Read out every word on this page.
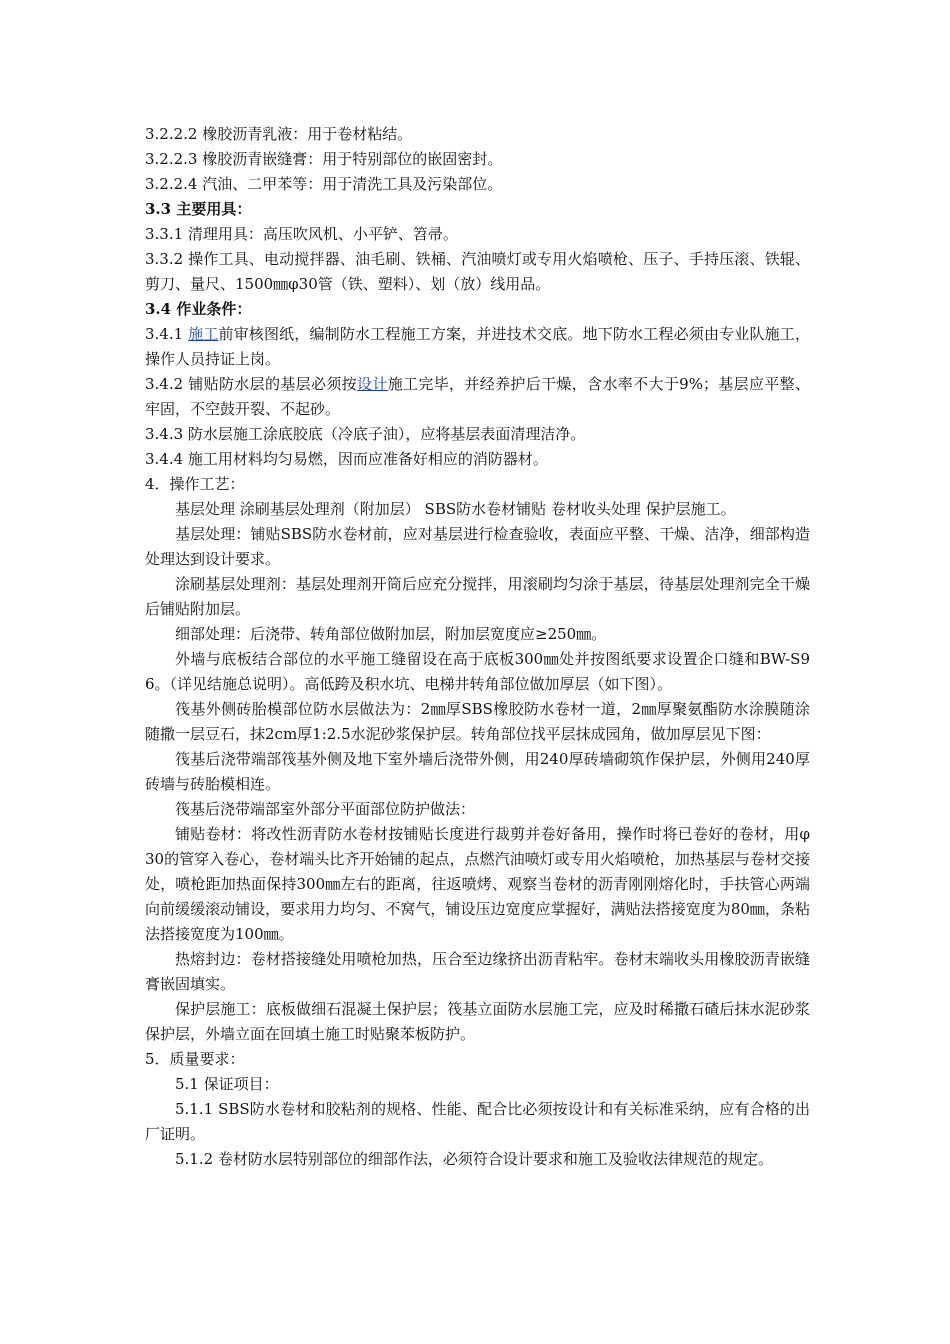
3.2.2.2 橡胶沥青乳液：用于卷材粘结。

3.2.2.3 橡胶沥青嵌缝膏：用于特别部位的嵌固密封。

3.2.2.4 汽油、二甲苯等：用于清洗工具及污染部位。

3.3 主要用具：

3.3.1 清理用具：高压吹风机、小平铲、笤帚。

3.3.2 操作工具、电动搅拌器、油毛刷、铁桶、汽油喷灯或专用火焰喷枪、压子、手持压滚、铁辊、剪刀、量尺、1500㎜φ30管（铁、塑料）、划（放）线用品。

3.4 作业条件：

3.4.1 施工前审核图纸，编制防水工程施工方案，并进技术交底。地下防水工程必须由专业队施工，操作人员持证上岗。

3.4.2 铺贴防水层的基层必须按设计施工完毕，并经养护后干燥，含水率不大于9%；基层应平整、牢固，不空鼓开裂、不起砂。

3.4.3 防水层施工涂底胶底（冷底子油），应将基层表面清理洁净。

3.4.4 施工用材料均匀易燃，因而应准备好相应的消防器材。

4．操作工艺：

基层处理 涂刷基层处理剂（附加层） SBS防水卷材铺贴 卷材收头处理 保护层施工。

基层处理：铺贴SBS防水卷材前，应对基层进行检查验收，表面应平整、干燥、洁净，细部构造处理达到设计要求。

涂刷基层处理剂：基层处理剂开筒后应充分搅拌，用滚刷均匀涂于基层，待基层处理剂完全干燥后铺贴附加层。

细部处理：后浇带、转角部位做附加层，附加层宽度应≥250㎜。

外墙与底板结合部位的水平施工缝留设在高于底板300㎜处并按图纸要求设置企口缝和BW-S96。（详见结施总说明）。高低跨及积水坑、电梯井转角部位做加厚层（如下图）。

筏基外侧砖胎模部位防水层做法为：2㎜厚SBS橡胶防水卷材一道，2㎜厚聚氨酯防水涂膜随涂随撒一层豆石，抹2cm厚1:2.5水泥砂浆保护层。转角部位找平层抹成园角，做加厚层见下图：

筏基后浇带端部筏基外侧及地下室外墙后浇带外侧，用240厚砖墙砌筑作保护层，外侧用240厚砖墙与砖胎模相连。

筏基后浇带端部室外部分平面部位防护做法：

铺贴卷材：将改性沥青防水卷材按铺贴长度进行裁剪并卷好备用，操作时将已卷好的卷材，用φ30的管穿入卷心，卷材端头比齐开始铺的起点，点燃汽油喷灯或专用火焰喷枪，加热基层与卷材交接处，喷枪距加热面保持300㎜左右的距离，往返喷烤、观察当卷材的沥青刚刚熔化时，手扶管心两端向前缓缓滚动铺设，要求用力均匀、不窝气，铺设压边宽度应掌握好，满贴法搭接宽度为80㎜，条粘法搭接宽度为100㎜。

热熔封边：卷材搭接缝处用喷枪加热，压合至边缘挤出沥青粘牢。卷材末端收头用橡胶沥青嵌缝膏嵌固填实。

保护层施工：底板做细石混凝土保护层；筏基立面防水层施工完，应及时稀撒石碴后抹水泥砂浆保护层，外墙立面在回填土施工时贴聚苯板防护。

5．质量要求：

5.1 保证项目：

5.1.1 SBS防水卷材和胶粘剂的规格、性能、配合比必须按设计和有关标准采纳，应有合格的出厂证明。

5.1.2 卷材防水层特别部位的细部作法，必须符合设计要求和施工及验收法律规范的规定。
